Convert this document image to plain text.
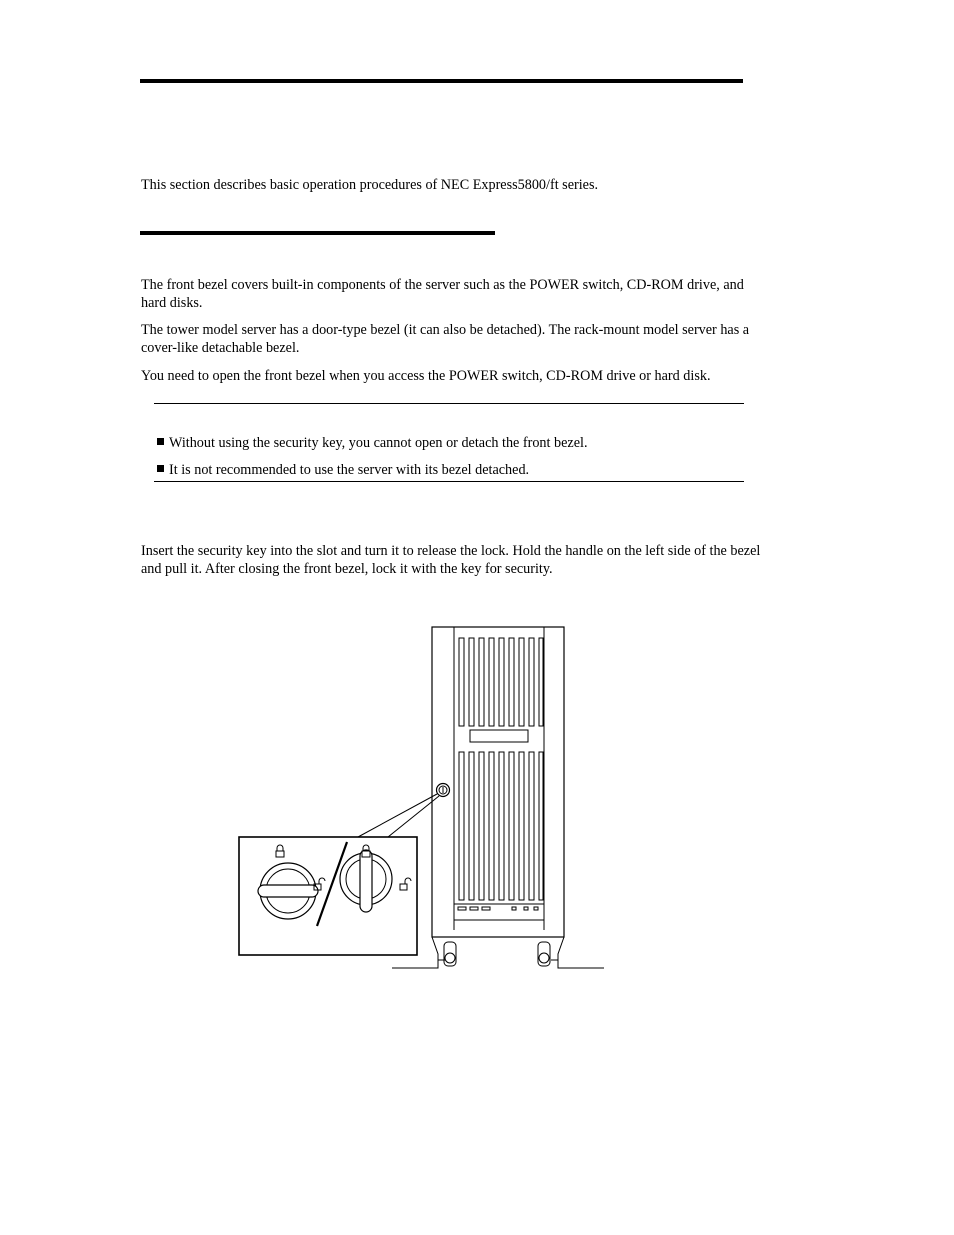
This section describes basic operation procedures of NEC Express5800/ft series.

The front bezel covers built-in components of the server such as the POWER switch, CD-ROM drive, and hard disks.

The tower model server has a door-type bezel (it can also be detached). The rack-mount model server has a cover-like detachable bezel.

You need to open the front bezel when you access the POWER switch, CD-ROM drive or hard disk.

Without using the security key, you cannot open or detach the front bezel.

It is not recommended to use the server with its bezel detached.

Insert the security key into the slot and turn it to release the lock. Hold the handle on the left side of the bezel and pull it. After closing the front bezel, lock it with the key for security.
